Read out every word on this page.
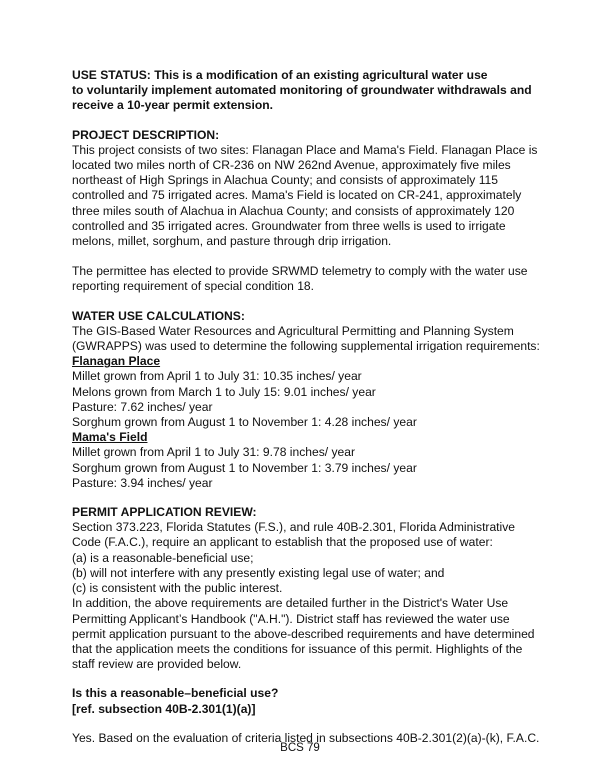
USE STATUS: This is a modification of an existing agricultural water use
to voluntarily implement automated monitoring of groundwater withdrawals and
receive a 10-year permit extension.
PROJECT DESCRIPTION:
This project consists of two sites: Flanagan Place and Mama's Field. Flanagan Place is
located two miles north of CR-236 on NW 262nd Avenue, approximately five miles
northeast of High Springs in Alachua County; and consists of approximately 115
controlled and 75 irrigated acres. Mama's Field is located on CR-241, approximately
three miles south of Alachua in Alachua County; and consists of approximately 120
controlled and 35 irrigated acres. Groundwater from three wells is used to irrigate
melons, millet, sorghum, and pasture through drip irrigation.
The permittee has elected to provide SRWMD telemetry to comply with the water use
reporting requirement of special condition 18.
WATER USE CALCULATIONS:
The GIS-Based Water Resources and Agricultural Permitting and Planning System
(GWRAPPS) was used to determine the following supplemental irrigation requirements:
Flanagan Place
Millet grown from April 1 to July 31: 10.35 inches/ year
Melons grown from March 1 to July 15: 9.01 inches/ year
Pasture: 7.62 inches/ year
Sorghum grown from August 1 to November 1: 4.28 inches/ year
Mama's Field
Millet grown from April 1 to July 31: 9.78 inches/ year
Sorghum grown from August 1 to November 1: 3.79 inches/ year
Pasture: 3.94 inches/ year
PERMIT APPLICATION REVIEW:
Section 373.223, Florida Statutes (F.S.), and rule 40B-2.301, Florida Administrative
Code (F.A.C.), require an applicant to establish that the proposed use of water:
(a) is a reasonable-beneficial use;
(b) will not interfere with any presently existing legal use of water; and
(c) is consistent with the public interest.
In addition, the above requirements are detailed further in the District's Water Use
Permitting Applicant’s Handbook ("A.H."). District staff has reviewed the water use
permit application pursuant to the above-described requirements and have determined
that the application meets the conditions for issuance of this permit. Highlights of the
staff review are provided below.
Is this a reasonable–beneficial use?
[ref. subsection 40B-2.301(1)(a)]
Yes. Based on the evaluation of criteria listed in subsections 40B-2.301(2)(a)-(k), F.A.C.
BCS 79
